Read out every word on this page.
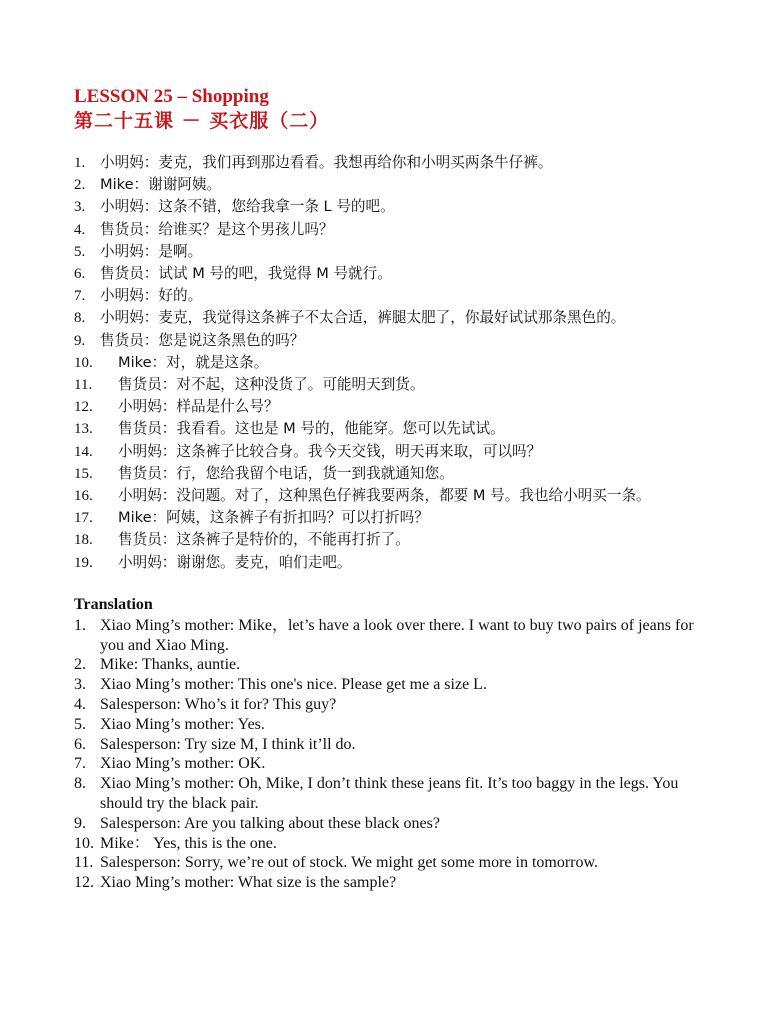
LESSON 25 – Shopping
第二十五课 － 买衣服（二）
1.	小明妈：麦克，我们再到那边看看。我想再给你和小明买两条牛仔裤。
2.	Mike：谢谢阿姨。
3.	小明妈：这条不错，您给我拿一条 L 号的吧。
4.	售货员：给谁买？是这个男孩儿吗？
5.	小明妈：是啊。
6.	售货员：试试 M 号的吧，我觉得 M 号就行。
7.	小明妈：好的。
8.	小明妈：麦克，我觉得这条裤子不太合适，裤腿太肥了，你最好试试那条黑色的。
9.	售货员：您是说这条黑色的吗？
10.	Mike：对，就是这条。
11.	售货员：对不起，这种没货了。可能明天到货。
12.	小明妈：样品是什么号？
13.	售货员：我看看。这也是 M 号的，他能穿。您可以先试试。
14.	小明妈：这条裤子比较合身。我今天交钱，明天再来取，可以吗？
15.	售货员：行，您给我留个电话，货一到我就通知您。
16.	小明妈：没问题。对了，这种黑色仔裤我要两条，都要 M 号。我也给小明买一条。
17.	Mike：阿姨，这条裤子有折扣吗？可以打折吗？
18.	售货员：这条裤子是特价的，不能再打折了。
19.	小明妈：谢谢您。麦克，咱们走吧。
Translation
1. Xiao Ming’s mother: Mike，let’s have a look over there. I want to buy two pairs of jeans for you and Xiao Ming.
2. Mike: Thanks, auntie.
3. Xiao Ming’s mother: This one's nice. Please get me a size L.
4. Salesperson: Who’s it for? This guy?
5. Xiao Ming’s mother: Yes.
6. Salesperson: Try size M, I think it’ll do.
7. Xiao Ming’s mother: OK.
8. Xiao Ming’s mother: Oh, Mike, I don’t think these jeans fit. It’s too baggy in the legs. You should try the black pair.
9. Salesperson: Are you talking about these black ones?
10. Mike： Yes, this is the one.
11. Salesperson: Sorry, we’re out of stock. We might get some more in tomorrow.
12. Xiao Ming’s mother: What size is the sample?
